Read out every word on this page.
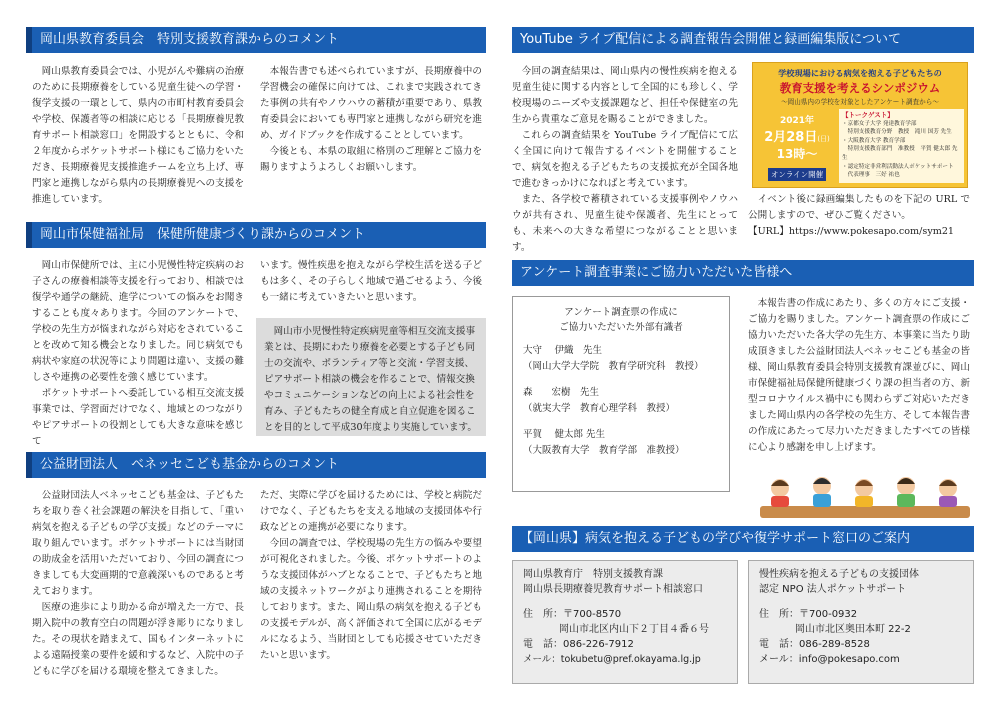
岡山県教育委員会　特別支援教育課からのコメント

岡山県教育委員会では、小児がんや難病の治療のために長期療養をしている児童生徒への学習・復学支援の一環として、県内の市町村教育委員会や学校、保護者等の相談に応じる「長期療養児教育サポート相談窓口」を開設するとともに、令和２年度からポケットサポート様にもご協力をいただき、長期療養児支援推進チームを立ち上げ、専門家と連携しながら県内の長期療養児への支援を推進しています。

本報告書でも述べられていますが、長期療養中の学習機会の確保に向けては、これまで実践されてきた事例の共有やノウハウの蓄積が重要であり、県教育委員会においても専門家と連携しながら研究を進め、ガイドブックを作成することとしています。

今後とも、本県の取組に格別のご理解とご協力を賜りますようよろしくお願いします。

岡山市保健福祉局　保健所健康づくり課からのコメント

岡山市保健所では、主に小児慢性特定疾病のお子さんの療養相談等支援を行っており、相談では復学や通学の継続、進学についての悩みをお聞きすることも度々あります。今回のアンケートで、学校の先生方が悩まれながら対応をされていることを改めて知る機会となりました。同じ病気でも病状や家庭の状況等により問題は違い、支援の難しさや連携の必要性を強く感じています。

ポケットサポートへ委託している相互交流支援事業では、学習面だけでなく、地域とのつながりやピアサポートの役割としても大きな意味を感じて

います。慢性疾患を抱えながら学校生活を送る子どもは多く、その子らしく地域で過ごせるよう、今後も一緒に考えていきたいと思います。

岡山市小児慢性特定疾病児童等相互交流支援事業とは、長期にわたり療養を必要とする子ども同士の交流や、ボランティア等と交流・学習支援、ピアサポート相談の機会を作ることで、情報交換やコミュニケーションなどの向上による社会性を育み、子どもたちの健全育成と自立促進を図ることを目的として平成30年度より実施しています。

公益財団法人　ベネッセこども基金からのコメント

公益財団法人ベネッセこども基金は、子どもたちを取り巻く社会課題の解決を目指して、「重い病気を抱える子どもの学び支援」などのテーマに取り組んでいます。ポケットサポートには当財団の助成金を活用いただいており、今回の調査につきましても大変画期的で意義深いものであると考えております。

医療の進歩により助かる命が増えた一方で、長期入院中の教育空白の問題が浮き彫りになりました。その現状を踏まえて、国もインターネットによる遠隔授業の要件を緩和するなど、入院中の子どもに学びを届ける環境を整えてきました。

ただ、実際に学びを届けるためには、学校と病院だけでなく、子どもたちを支える地域の支援団体や行政などとの連携が必要になります。

今回の調査では、学校現場の先生方の悩みや要望が可視化されました。今後、ポケットサポートのような支援団体がハブとなることで、子どもたちと地域の支援ネットワークがより連携されることを期待しております。また、岡山県の病気を抱える子どもの支援モデルが、高く評価されて全国に広がるモデルになるよう、当財団としても応援させていただきたいと思います。

YouTube ライブ配信による調査報告会開催と録画編集版について

今回の調査結果は、岡山県内の慢性疾病を抱える児童生徒に関する内容として全国的にも珍しく、学校現場のニーズや支援課題など、担任や保健室の先生から貴重なご意見を賜ることができました。

これらの調査結果を YouTube ライブ配信にて広く全国に向けて報告するイベントを開催することで、病気を抱える子どもたちの支援拡充が全国各地で進むきっかけになればと考えています。

また、各学校で蓄積されている支援事例やノウハウが共有され、児童生徒や保護者、先生にとっても、未来への大きな希望につながることと思います。

学校現場における病気を抱える子どもたちの
教育支援を考えるシンポジウム
〜岡山県内の学校を対象としたアンケート調査から〜
2021年
2月28日(日)
13時〜
オンライン開催
【トークゲスト】
・京都女子大学 発達教育学部
　特別支援教育分野　教授　滝川 国芳 先生
・大阪教育大学 教育学部
　特別支援教育部門　准教授　平賀 健太郎 先生
・認定特定非営利活動法人ポケットサポート
　代表理事　三好 祐也

イベント後に録画編集したものを下記の URL で公開しますので、ぜひご覧ください。

【URL】https://www.pokesapo.com/sym21
アンケート調査事業にご協力いただいた皆様へ
アンケート調査票の作成に
ご協力いただいた外部有識者
大守　 伊織　先生
（岡山大学大学院　教育学研究科　教授）
森　　宏樹　先生
（就実大学　教育心理学科　教授）
平賀　 健太郎 先生
（大阪教育大学　教育学部　准教授）

本報告書の作成にあたり、多くの方々にご支援・ご協力を賜りました。アンケート調査票の作成にご協力いただいた各大学の先生方、本事業に当たり助成頂きました公益財団法人ベネッセこども基金の皆様、岡山県教育委員会特別支援教育課並びに、岡山市保健福祉局保健所健康づくり課の担当者の方、新型コロナウイルス禍中にも関わらずご対応いただきました岡山県内の各学校の先生方、そして本報告書の作成にあたって尽力いただきましたすべての皆様に心より感謝を申し上げます。

【岡山県】病気を抱える子どもの学びや復学サポート窓口のご案内
岡山県教育庁　特別支援教育課
岡山県長期療養児教育サポート相談窓口
住　所：〒700-8570
岡山市北区内山下２丁目４番６号
電　話：086-226-7912
メール：tokubetu@pref.okayama.lg.jp
慢性疾病を抱える子どもの支援団体
認定 NPO 法人ポケットサポート
住　所：〒700-0932
岡山市北区奥田本町 22-2
電　話：086-289-8528
メール：info@pokesapo.com
